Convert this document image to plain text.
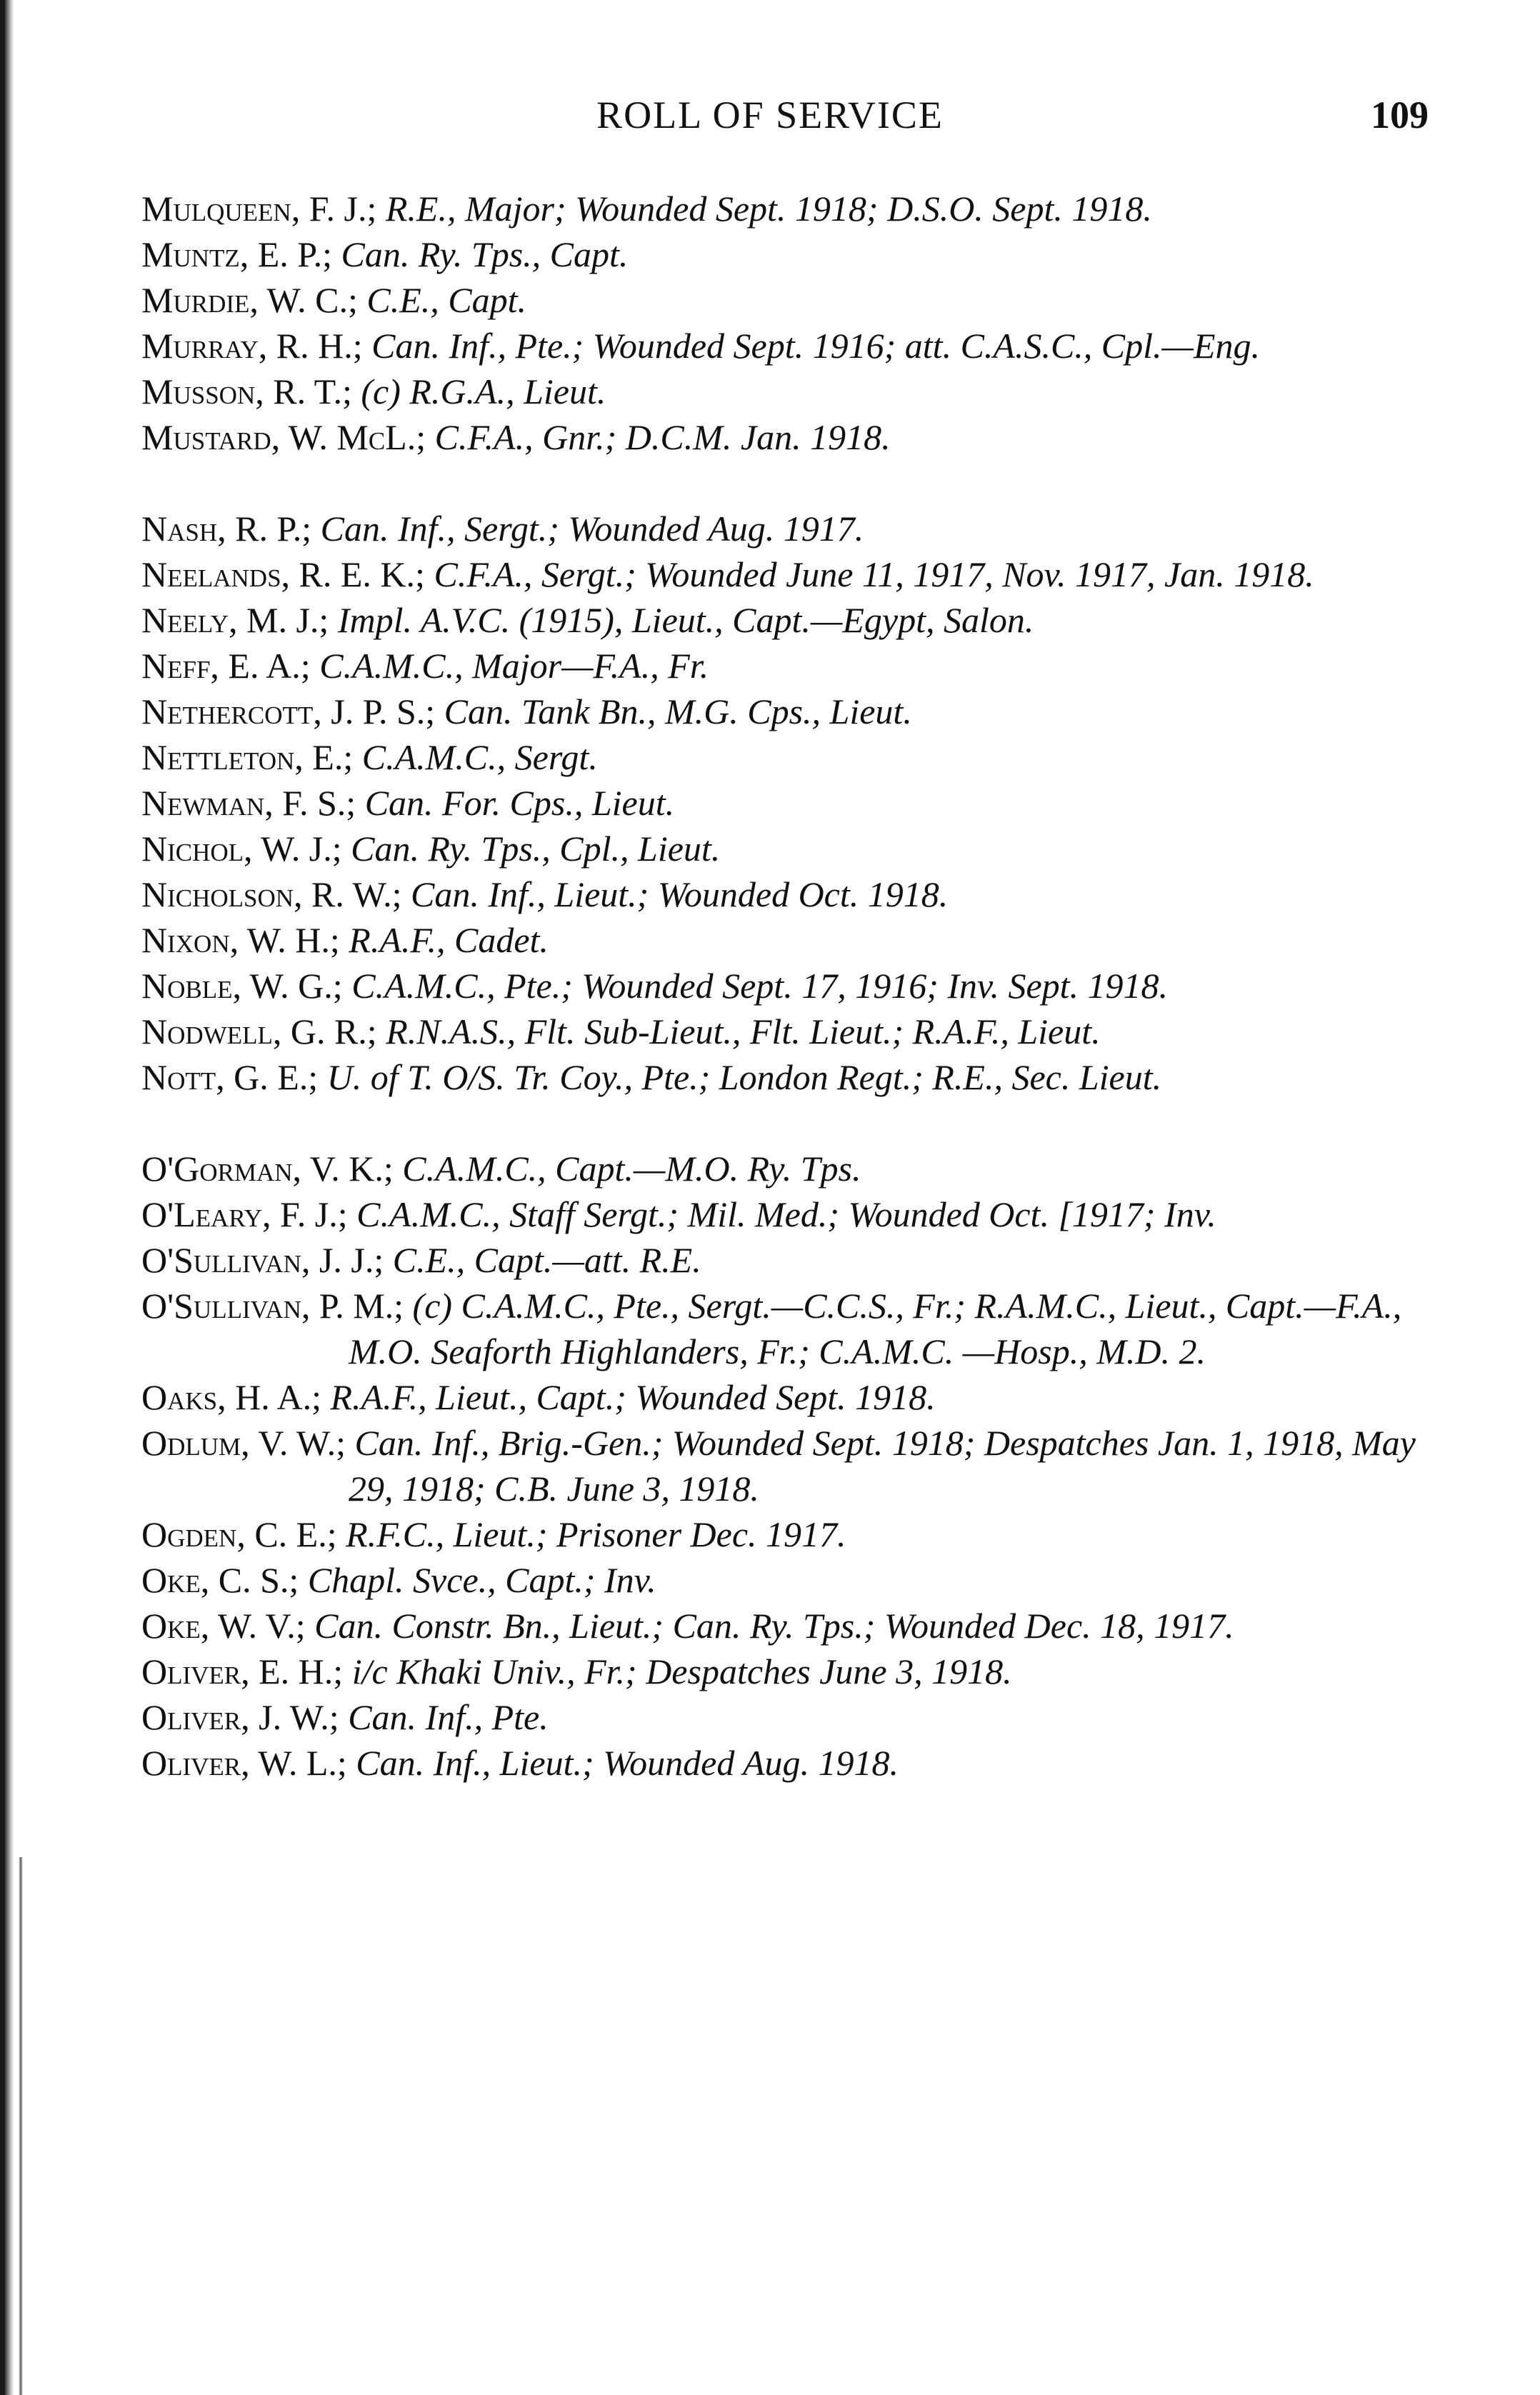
ROLL OF SERVICE	109
Mulqueen, F. J.; R.E., Major; Wounded Sept. 1918; D.S.O. Sept. 1918.
Muntz, E. P.; Can. Ry. Tps., Capt.
Murdie, W. C.; C.E., Capt.
Murray, R. H.; Can. Inf., Pte.; Wounded Sept. 1916; att. C.A.S.C., Cpl.—Eng.
Musson, R. T.; (c) R.G.A., Lieut.
Mustard, W. McL.; C.F.A., Gnr.; D.C.M. Jan. 1918.
Nash, R. P.; Can. Inf., Sergt.; Wounded Aug. 1917.
Neelands, R. E. K.; C.F.A., Sergt.; Wounded June 11, 1917, Nov. 1917, Jan. 1918.
Neely, M. J.; Impl. A.V.C. (1915), Lieut., Capt.—Egypt, Salon.
Neff, E. A.; C.A.M.C., Major—F.A., Fr.
Nethercott, J. P. S.; Can. Tank Bn., M.G. Cps., Lieut.
Nettleton, E.; C.A.M.C., Sergt.
Newman, F. S.; Can. For. Cps., Lieut.
Nichol, W. J.; Can. Ry. Tps., Cpl., Lieut.
Nicholson, R. W.; Can. Inf., Lieut.; Wounded Oct. 1918.
Nixon, W. H.; R.A.F., Cadet.
Noble, W. G.; C.A.M.C., Pte.; Wounded Sept. 17, 1916; Inv. Sept. 1918.
Nodwell, G. R.; R.N.A.S., Flt. Sub-Lieut., Flt. Lieut.; R.A.F., Lieut.
Nott, G. E.; U. of T. O/S. Tr. Coy., Pte.; London Regt.; R.E., Sec. Lieut.
O'Gorman, V. K.; C.A.M.C., Capt.—M.O. Ry. Tps.
O'Leary, F. J.; C.A.M.C., Staff Sergt.; Mil. Med.; Wounded Oct. [1917; Inv.
O'Sullivan, J. J.; C.E., Capt.—att. R.E.
O'Sullivan, P. M.; (c) C.A.M.C., Pte., Sergt.—C.C.S., Fr.; R.A.M.C., Lieut., Capt.—F.A., M.O. Seaforth Highlanders, Fr.; C.A.M.C. —Hosp., M.D. 2.
Oaks, H. A.; R.A.F., Lieut., Capt.; Wounded Sept. 1918.
Odlum, V. W.; Can. Inf., Brig.-Gen.; Wounded Sept. 1918; Despatches Jan. 1, 1918, May 29, 1918; C.B. June 3, 1918.
Ogden, C. E.; R.F.C., Lieut.; Prisoner Dec. 1917.
Oke, C. S.; Chapl. Svce., Capt.; Inv.
Oke, W. V.; Can. Constr. Bn., Lieut.; Can. Ry. Tps.; Wounded Dec. 18, 1917.
Oliver, E. H.; i/c Khaki Univ., Fr.; Despatches June 3, 1918.
Oliver, J. W.; Can. Inf., Pte.
Oliver, W. L.; Can. Inf., Lieut.; Wounded Aug. 1918.
